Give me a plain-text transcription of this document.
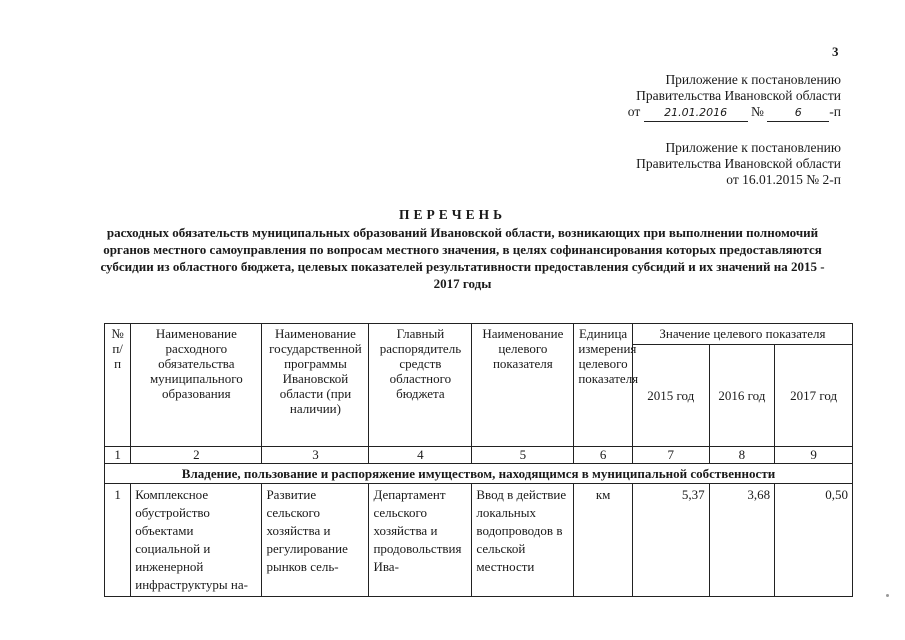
3
Приложение к постановлению
Правительства Ивановской области
от 21.01.2016 №	6 -п
Приложение к постановлению
Правительства Ивановской области
от 16.01.2015 № 2-п
ПЕРЕЧЕНЬ
расходных обязательств муниципальных образований Ивановской области, возникающих при выполнении полномочий органов местного самоуправления по вопросам местного значения, в целях софинансирования которых предоставляются субсидии из областного бюджета, целевых показателей результативности предоставления субсидий и их значений на 2015 - 2017 годы
№ п/п	Наименование расходного обязательства муниципального образования	Наименование государственной программы Ивановской области (при наличии)	Главный распорядитель средств областного бюджета	Наименование целевого показателя	Единица измерения целевого показателя	Значение целевого показателя		
						2015 год	2016 год	2017 год
1	2	3	4	5	6	7	8	9
Владение, пользование и распоряжение имуществом, находящимся в муниципальной собственности								
1	Комплексное обустройство объектами социальной и инженерной инфраструктуры на-	Развитие сельского хозяйства и регулирование рынков сель-	Департамент сельского хозяйства и продовольствия Ива-	Ввод в действие локальных водопроводов в сельской местности	км	5,37	3,68	0,50
